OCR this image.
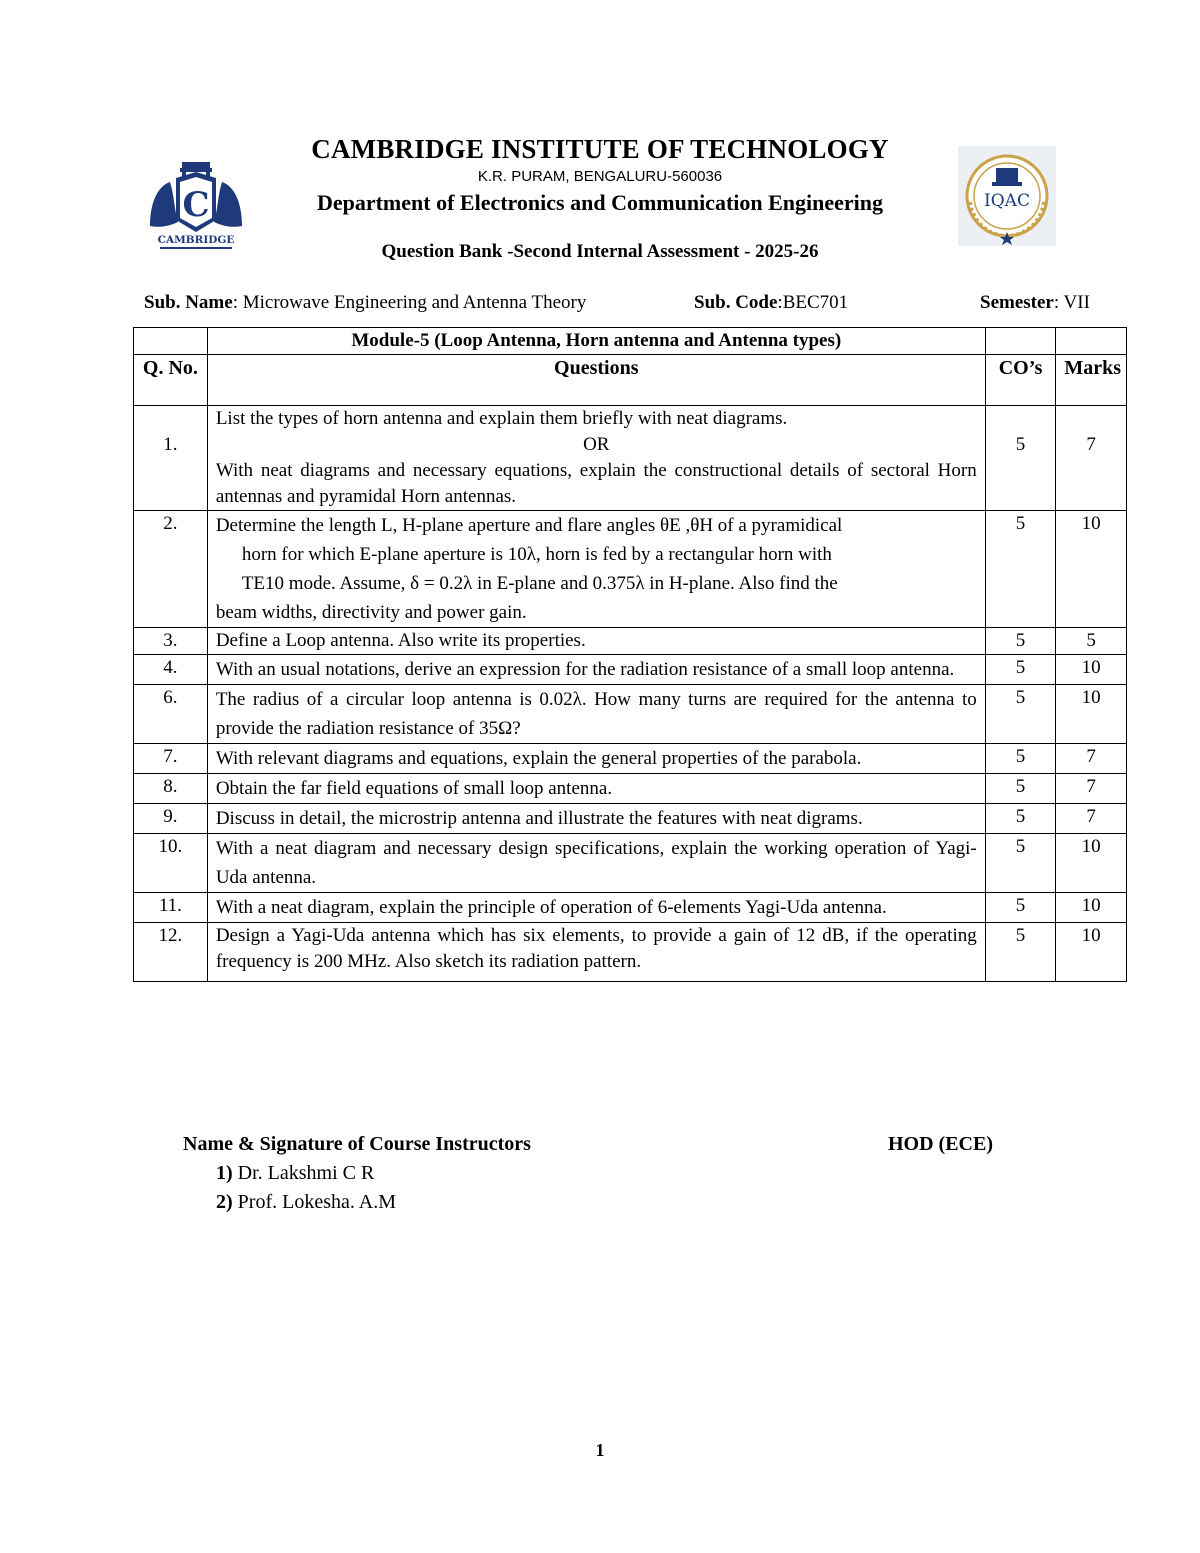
C
CAMBRIDGE
IQAC
CAMBRIDGE INSTITUTE OF TECHNOLOGY
K.R. PURAM, BENGALURU-560036
Department of Electronics and Communication Engineering
Question Bank -Second Internal Assessment - 2025-26
Sub. Name: Microwave Engineering and Antenna Theory	Sub. Code:BEC701	Semester: VII
	Module-5 (Loop Antenna, Horn antenna and Antenna types)		
Q. No.	Questions	CO’s	Marks
1.	List the types of horn antenna and explain them briefly with neat diagrams.
OR
With neat diagrams and necessary equations, explain the constructional details of sectoral Horn antennas and pyramidal Horn antennas.	5	7
2.	Determine the length L, H-plane aperture and flare angles θE ,θH of a pyramidical
horn for which E-plane aperture is 10λ, horn is fed by a rectangular horn with
TE10 mode. Assume, δ = 0.2λ in E-plane and 0.375λ in H-plane. Also find the
beam widths, directivity and power gain.	5	10
3.	Define a Loop antenna. Also write its properties.	5	5
4.	With an usual notations, derive an expression for the radiation resistance of a small loop antenna.	5	10
6.	The radius of a circular loop antenna is 0.02λ. How many turns are required for the antenna to provide the radiation resistance of 35Ω?	5	10
7.	With relevant diagrams and equations, explain the general properties of the parabola.	5	7
8.	Obtain the far field equations of small loop antenna.	5	7
9.	Discuss in detail, the microstrip antenna and illustrate the features with neat digrams.	5	7
10.	With a neat diagram and necessary design specifications, explain the working operation of Yagi-Uda antenna.	5	10
11.	With a neat diagram, explain the principle of operation of 6-elements Yagi-Uda antenna.	5	10
12.	Design a Yagi-Uda antenna which has six elements, to provide a gain of 12 dB, if the operating frequency is 200 MHz. Also sketch its radiation pattern.	5	10
Name & Signature of Course Instructors	HOD (ECE)
1) Dr. Lakshmi C R
2) Prof. Lokesha. A.M
1
